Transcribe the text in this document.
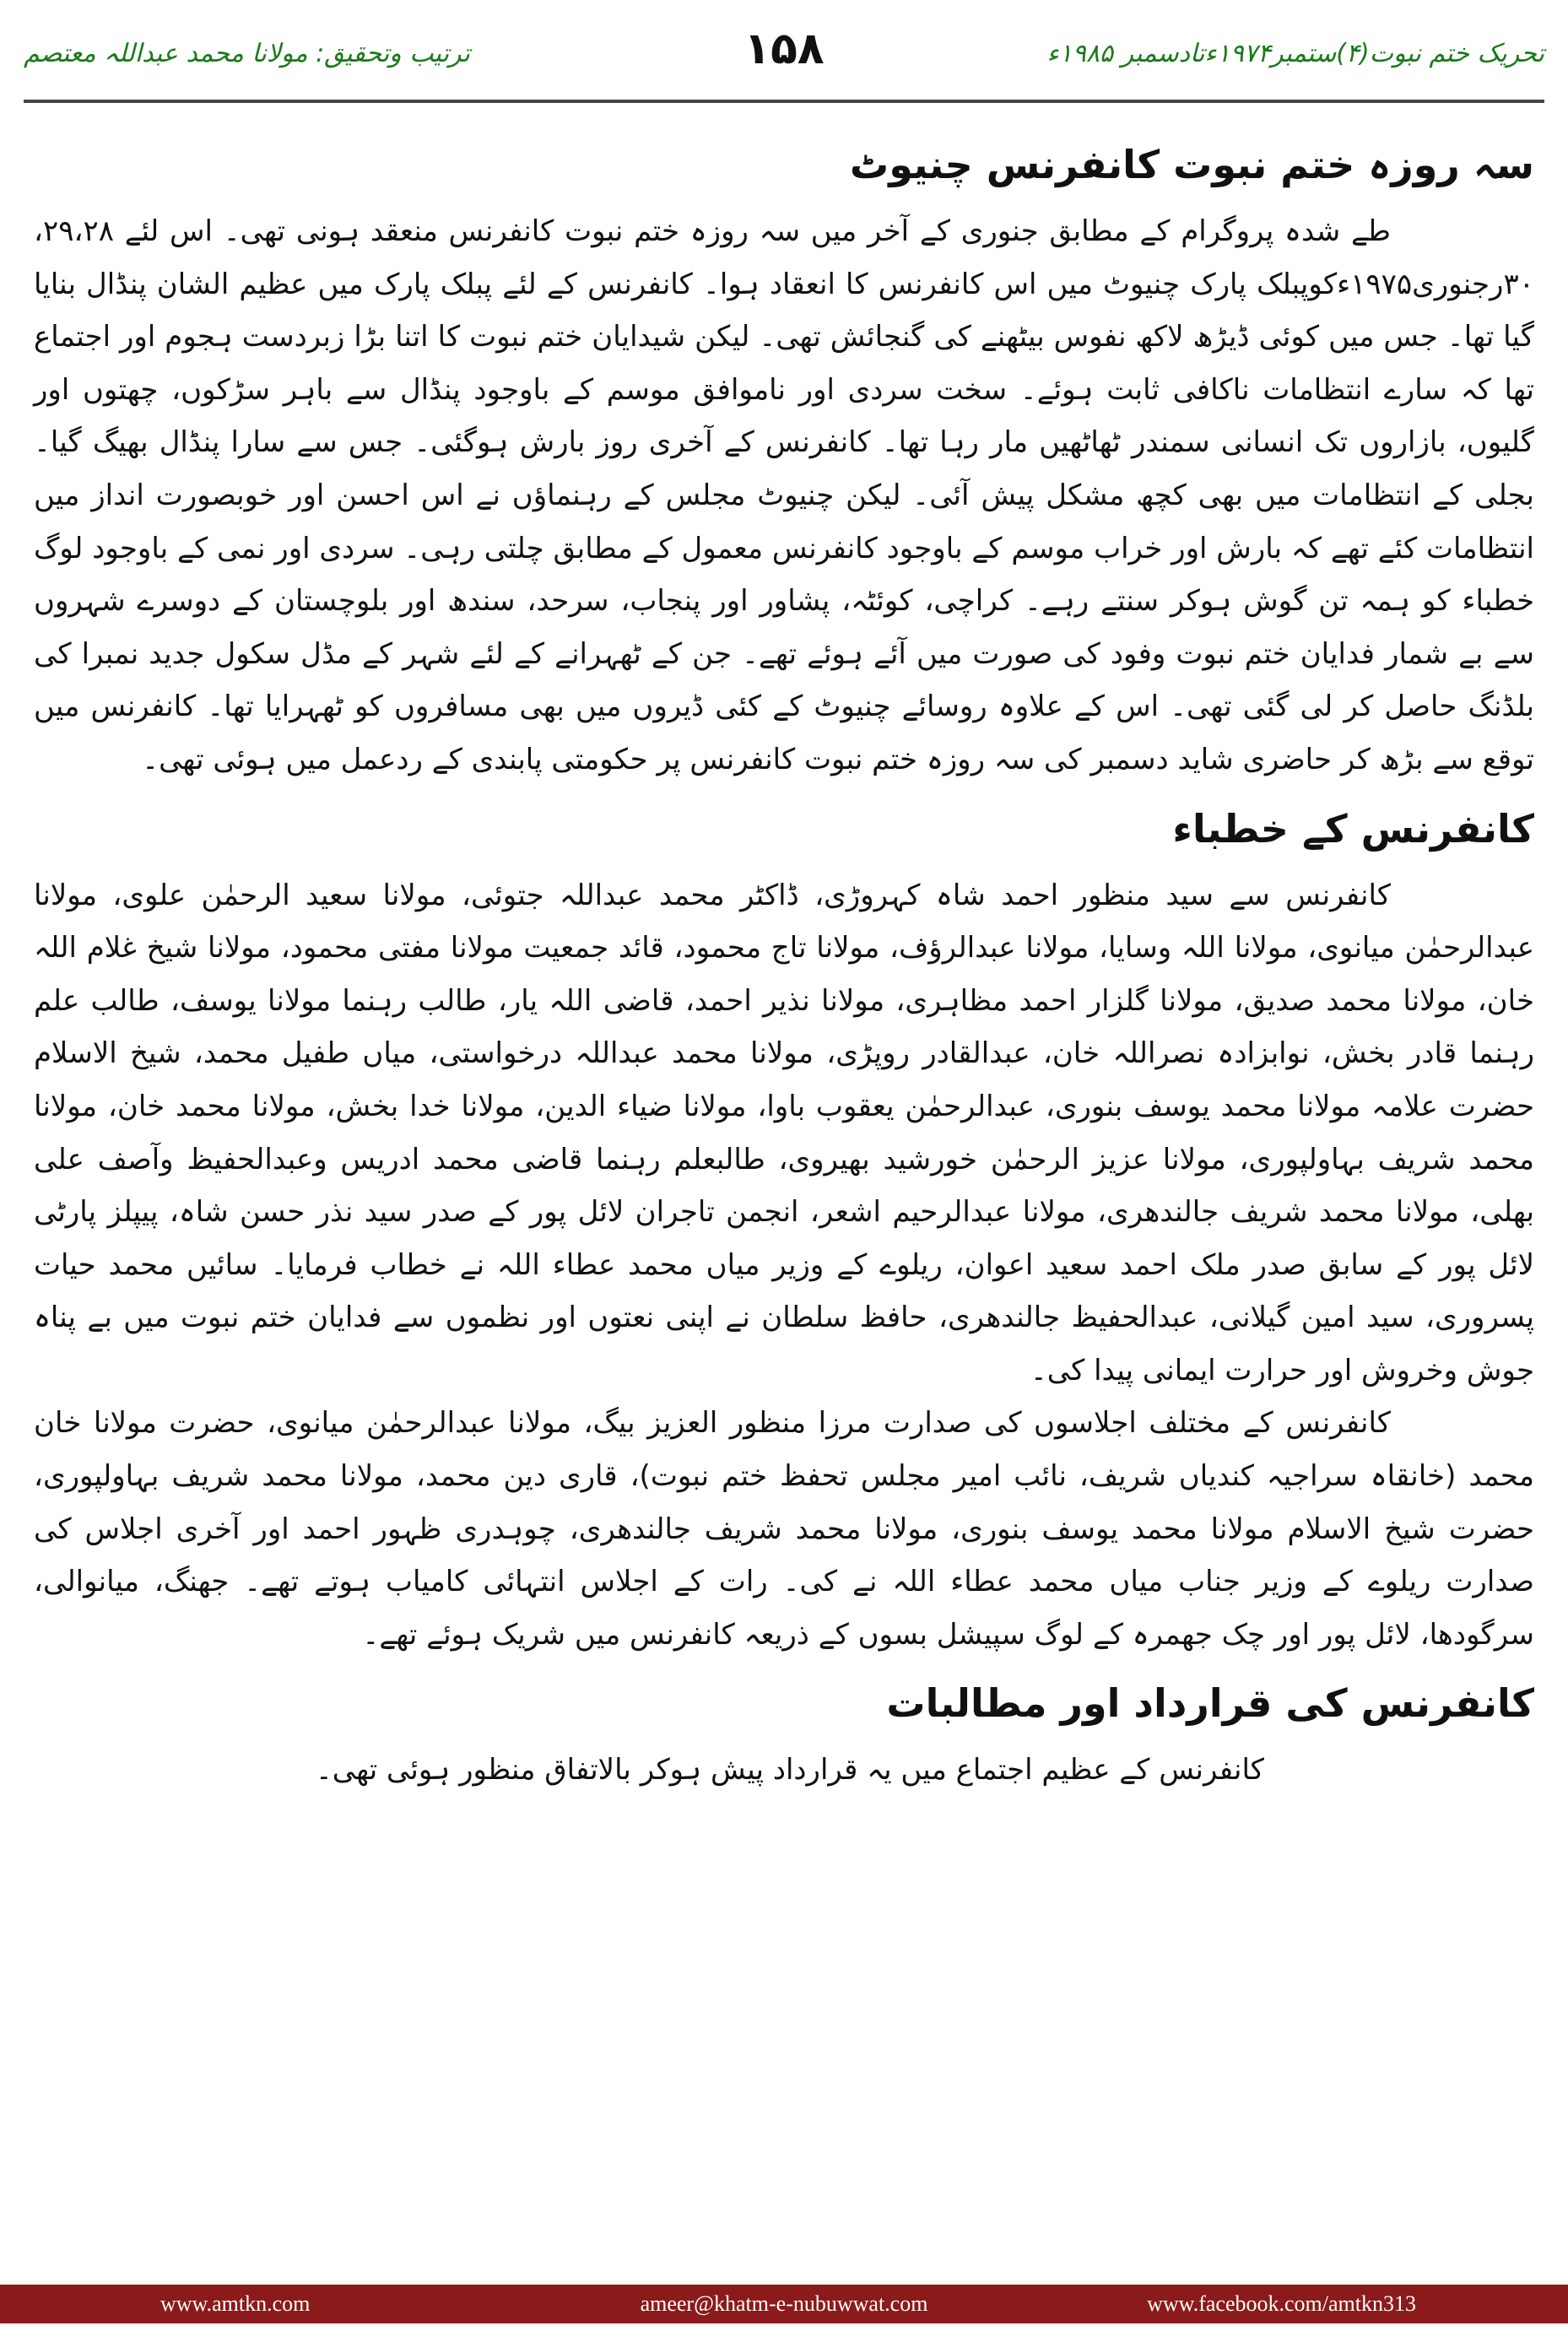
تحریک ختم نبوت(۴)ستمبر۱۹۷۴ءتادسمبر ۱۹۸۵ء
۱۵۸
ترتیب وتحقیق: مولانا محمد عبداللہ معتصم
سہ روزہ ختم نبوت کانفرنس چنیوٹ

طے شدہ پروگرام کے مطابق جنوری کے آخر میں سہ روزہ ختم نبوت کانفرنس منعقد ہونی تھی۔ اس لئے ۲۹،۲۸، ۳۰رجنوری۱۹۷۵ءکوپبلک پارک چنیوٹ میں اس کانفرنس کا انعقاد ہوا۔ کانفرنس کے لئے پبلک پارک میں عظیم الشان پنڈال بنایا گیا تھا۔ جس میں کوئی ڈیڑھ لاکھ نفوس بیٹھنے کی گنجائش تھی۔ لیکن شیدایان ختم نبوت کا اتنا بڑا زبردست ہجوم اور اجتماع تھا کہ سارے انتظامات ناکافی ثابت ہوئے۔ سخت سردی اور ناموافق موسم کے باوجود پنڈال سے باہر سڑکوں، چھتوں اور گلیوں، بازاروں تک انسانی سمندر ٹھاٹھیں مار رہا تھا۔ کانفرنس کے آخری روز بارش ہوگئی۔ جس سے سارا پنڈال بھیگ گیا۔ بجلی کے انتظامات میں بھی کچھ مشکل پیش آئی۔ لیکن چنیوٹ مجلس کے رہنماؤں نے اس احسن اور خوبصورت انداز میں انتظامات کئے تھے کہ بارش اور خراب موسم کے باوجود کانفرنس معمول کے مطابق چلتی رہی۔ سردی اور نمی کے باوجود لوگ خطباء کو ہمہ تن گوش ہوکر سنتے رہے۔ کراچی، کوئٹہ، پشاور اور پنجاب، سرحد، سندھ اور بلوچستان کے دوسرے شہروں سے بے شمار فدایان ختم نبوت وفود کی صورت میں آئے ہوئے تھے۔ جن کے ٹھہرانے کے لئے شہر کے مڈل سکول جدید نمبرا کی بلڈنگ حاصل کر لی گئی تھی۔ اس کے علاوہ روسائے چنیوٹ کے کئی ڈیروں میں بھی مسافروں کو ٹھہرایا تھا۔ کانفرنس میں توقع سے بڑھ کر حاضری شاید دسمبر کی سہ روزہ ختم نبوت کانفرنس پر حکومتی پابندی کے ردعمل میں ہوئی تھی۔

کانفرنس کے خطباء

کانفرنس سے سید منظور احمد شاہ کہروڑی، ڈاکٹر محمد عبداللہ جتوئی، مولانا سعید الرحمٰن علوی، مولانا عبدالرحمٰن میانوی، مولانا اللہ وسایا، مولانا عبدالرؤف، مولانا تاج محمود، قائد جمعیت مولانا مفتی محمود، مولانا شیخ غلام اللہ خان، مولانا محمد صدیق، مولانا گلزار احمد مظاہری، مولانا نذیر احمد، قاضی اللہ یار، طالب رہنما مولانا یوسف، طالب علم رہنما قادر بخش، نوابزادہ نصراللہ خان، عبدالقادر روپڑی، مولانا محمد عبداللہ درخواستی، میاں طفیل محمد، شیخ الاسلام حضرت علامہ مولانا محمد یوسف بنوری، عبدالرحمٰن یعقوب باوا، مولانا ضیاء الدین، مولانا خدا بخش، مولانا محمد خان، مولانا محمد شریف بہاولپوری، مولانا عزیز الرحمٰن خورشید بھیروی، طالبعلم رہنما قاضی محمد ادریس وعبدالحفیظ وآصف علی بھلی، مولانا محمد شریف جالندھری، مولانا عبدالرحیم اشعر، انجمن تاجران لائل پور کے صدر سید نذر حسن شاہ، پیپلز پارٹی لائل پور کے سابق صدر ملک احمد سعید اعوان، ریلوے کے وزیر میاں محمد عطاء اللہ نے خطاب فرمایا۔ سائیں محمد حیات پسروری، سید امین گیلانی، عبدالحفیظ جالندھری، حافظ سلطان نے اپنی نعتوں اور نظموں سے فدایان ختم نبوت میں بے پناہ جوش وخروش اور حرارت ایمانی پیدا کی۔

کانفرنس کے مختلف اجلاسوں کی صدارت مرزا منظور العزیز بیگ، مولانا عبدالرحمٰن میانوی، حضرت مولانا خان محمد (خانقاہ سراجیہ کندیاں شریف، نائب امیر مجلس تحفظ ختم نبوت)، قاری دین محمد، مولانا محمد شریف بہاولپوری، حضرت شیخ الاسلام مولانا محمد یوسف بنوری، مولانا محمد شریف جالندھری، چوہدری ظہور احمد اور آخری اجلاس کی صدارت ریلوے کے وزیر جناب میاں محمد عطاء اللہ نے کی۔ رات کے اجلاس انتہائی کامیاب ہوتے تھے۔ جھنگ، میانوالی، سرگودھا، لائل پور اور چک جھمرہ کے لوگ سپیشل بسوں کے ذریعہ کانفرنس میں شریک ہوئے تھے۔

کانفرنس کی قرارداد اور مطالبات

کانفرنس کے عظیم اجتماع میں یہ قرارداد پیش ہوکر بالاتفاق منظور ہوئی تھی۔

www.amtkn.com	ameer@khatm-e-nubuwwat.com	www.facebook.com/amtkn313
